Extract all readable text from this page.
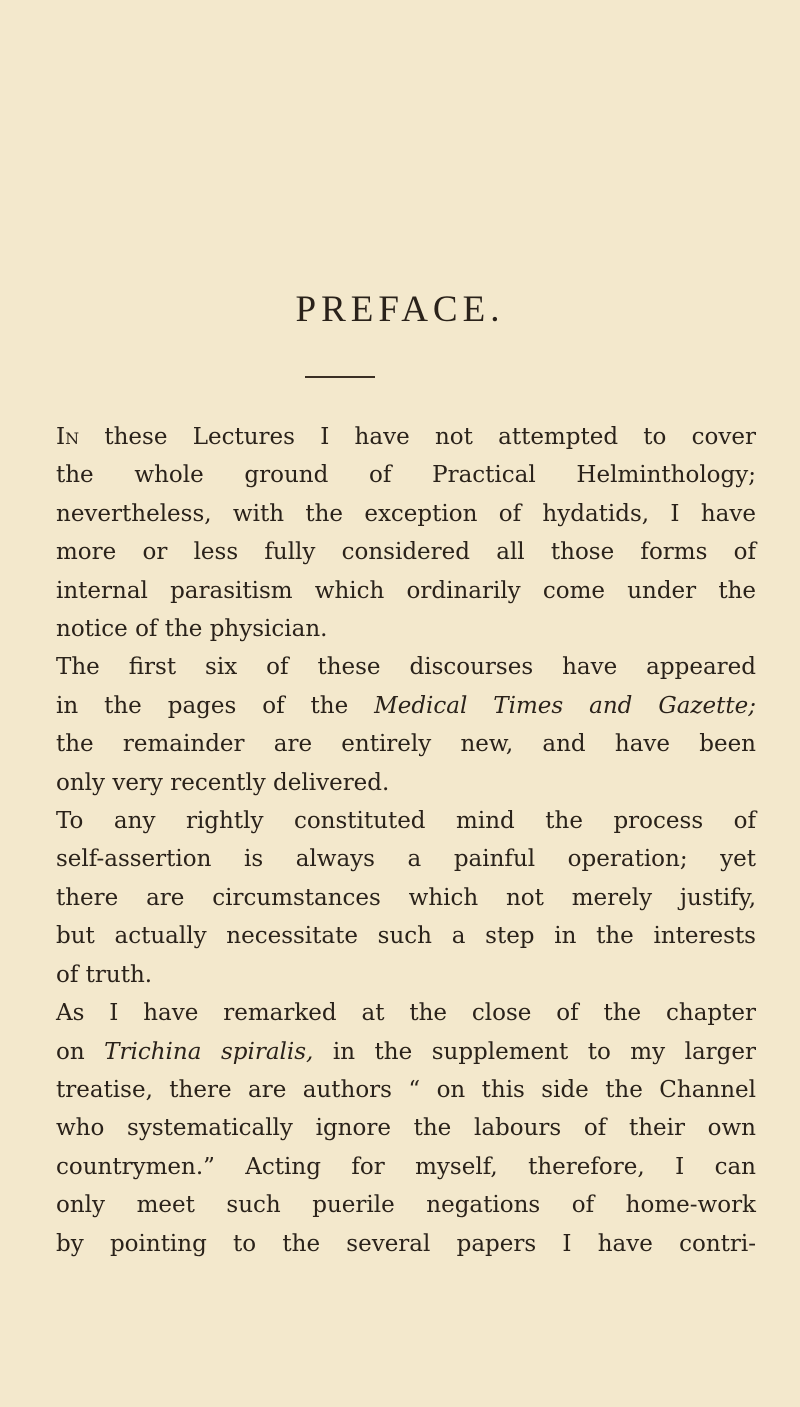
PREFACE.
In these Lectures I have not attempted to cover
the whole ground of Practical Helminthology;
nevertheless, with the exception of hydatids, I have
more or less fully considered all those forms of
internal parasitism which ordinarily come under the
notice of the physician.
The first six of these discourses have appeared
in the pages of the Medical Times and Gazette;
the remainder are entirely new, and have been
only very recently delivered.
To any rightly constituted mind the process of
self-assertion is always a painful operation; yet
there are circumstances which not merely justify,
but actually necessitate such a step in the interests
of truth.
As I have remarked at the close of the chapter
on Trichina spiralis, in the supplement to my larger
treatise, there are authors “ on this side the Channel
who systematically ignore the labours of their own
countrymen.” Acting for myself, therefore, I can
only meet such puerile negations of home-work
by pointing to the several papers I have contri-
